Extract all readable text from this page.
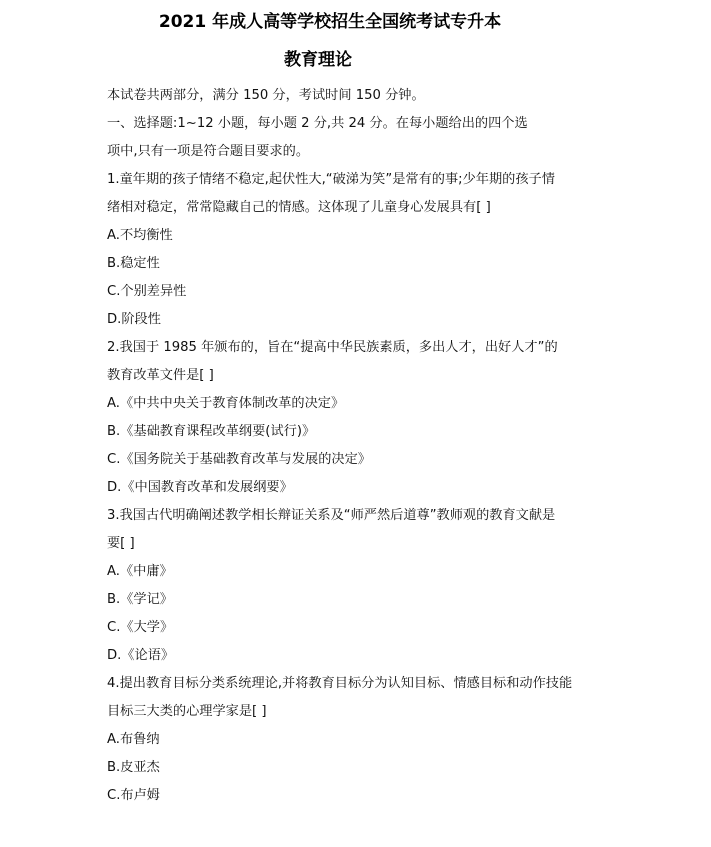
2021 年成人高等学校招生全国统考试专升本
教育理论
本试卷共两部分，满分 150 分，考试时间 150 分钟。
一、选择题:1~12 小题，每小题 2 分,共 24 分。在每小题给出的四个选
项中,只有一项是符合题目要求的。
1.童年期的孩子情绪不稳定,起伏性大,“破涕为笑”是常有的事;少年期的孩子情
绪相对稳定，常常隐藏自己的情感。这体现了儿童身心发展具有[ ]
A.不均衡性
B.稳定性
C.个别差异性
D.阶段性
2.我国于 1985 年颁布的，旨在“提高中华民族素质，多出人才，出好人才”的
教育改革文件是[ ]
A.《中共中央关于教育体制改革的决定》
B.《基础教育课程改革纲要(试行)》
C.《国务院关于基础教育改革与发展的决定》
D.《中国教育改革和发展纲要》
3.我国古代明确阐述教学相长辩证关系及“师严然后道尊”教师观的教育文献是
要[ ]
A.《中庸》
B.《学记》
C.《大学》
D.《论语》
4.提出教育目标分类系统理论,并将教育目标分为认知目标、情感目标和动作技能
目标三大类的心理学家是[ ]
A.布鲁纳
B.皮亚杰
C.布卢姆
